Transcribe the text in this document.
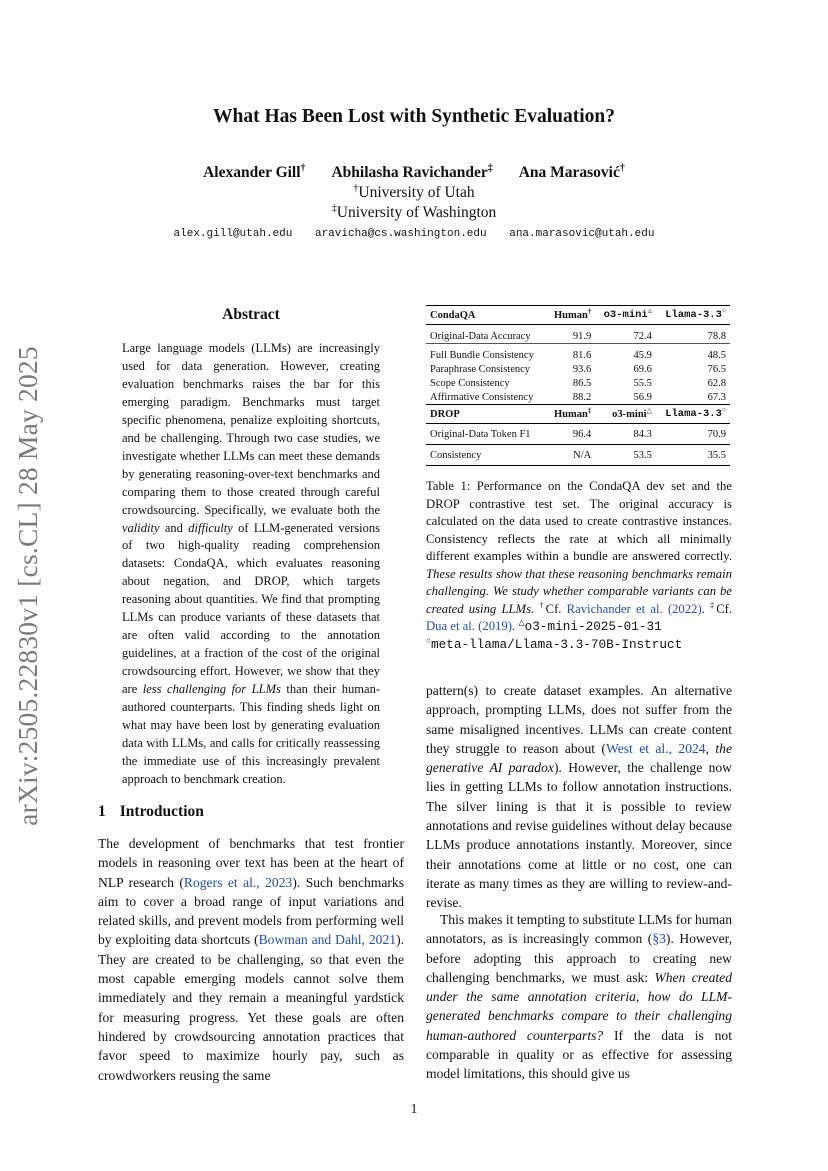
arXiv:2505.22830v1 [cs.CL] 28 May 2025
What Has Been Lost with Synthetic Evaluation?
Alexander Gill† Abhilasha Ravichander‡ Ana Marasović†
†University of Utah
‡University of Washington
alex.gill@utah.edu aravicha@cs.washington.edu ana.marasovic@utah.edu
Abstract
Large language models (LLMs) are increasingly used for data generation. However, creating evaluation benchmarks raises the bar for this emerging paradigm. Benchmarks must target specific phenomena, penalize exploiting shortcuts, and be challenging. Through two case studies, we investigate whether LLMs can meet these demands by generating reasoning-over-text benchmarks and comparing them to those created through careful crowdsourcing. Specifically, we evaluate both the validity and difficulty of LLM-generated versions of two high-quality reading comprehension datasets: CondaQA, which evaluates reasoning about negation, and DROP, which targets reasoning about quantities. We find that prompting LLMs can produce variants of these datasets that are often valid according to the annotation guidelines, at a fraction of the cost of the original crowdsourcing effort. However, we show that they are less challenging for LLMs than their human-authored counterparts. This finding sheds light on what may have been lost by generating evaluation data with LLMs, and calls for critically reassessing the immediate use of this increasingly prevalent approach to benchmark creation.
1 Introduction
The development of benchmarks that test frontier models in reasoning over text has been at the heart of NLP research (Rogers et al., 2023). Such benchmarks aim to cover a broad range of input variations and related skills, and prevent models from performing well by exploiting data shortcuts (Bowman and Dahl, 2021). They are created to be challenging, so that even the most capable emerging models cannot solve them immediately and they remain a meaningful yardstick for measuring progress. Yet these goals are often hindered by crowdsourcing annotation practices that favor speed to maximize hourly pay, such as crowdworkers reusing the same
CondaQA	Human†	o3-mini△	Llama-3.3○

Original-Data Accuracy	91.9	72.4	78.8

Full Bundle Consistency	81.6	45.9	48.5
Paraphrase Consistency	93.6	69.6	76.5
Scope Consistency	86.5	55.5	62.8
Affirmative Consistency	88.2	56.9	67.3
DROP	Human‡	o3-mini△	Llama-3.3○
Original-Data Token F1	96.4	84.3	70.9
Consistency	N/A	53.5	35.5
Table 1: Performance on the CondaQA dev set and the DROP contrastive test set. The original accuracy is calculated on the data used to create contrastive instances. Consistency reflects the rate at which all minimally different examples within a bundle are answered correctly. These results show that these reasoning benchmarks remain challenging. We study whether comparable variants can be created using LLMs. †Cf. Ravichander et al. (2022). ‡Cf. Dua et al. (2019). △o3-mini-2025-01-31
○meta-llama/Llama-3.3-70B-Instruct
pattern(s) to create dataset examples. An alternative approach, prompting LLMs, does not suffer from the same misaligned incentives. LLMs can create content they struggle to reason about (West et al., 2024, the generative AI paradox). However, the challenge now lies in getting LLMs to follow annotation instructions. The silver lining is that it is possible to review annotations and revise guidelines without delay because LLMs produce annotations instantly. Moreover, since their annotations come at little or no cost, one can iterate as many times as they are willing to review-and-revise.
This makes it tempting to substitute LLMs for human annotators, as is increasingly common (§3). However, before adopting this approach to creating new challenging benchmarks, we must ask: When created under the same annotation criteria, how do LLM-generated benchmarks compare to their challenging human-authored counterparts? If the data is not comparable in quality or as effective for assessing model limitations, this should give us
1
